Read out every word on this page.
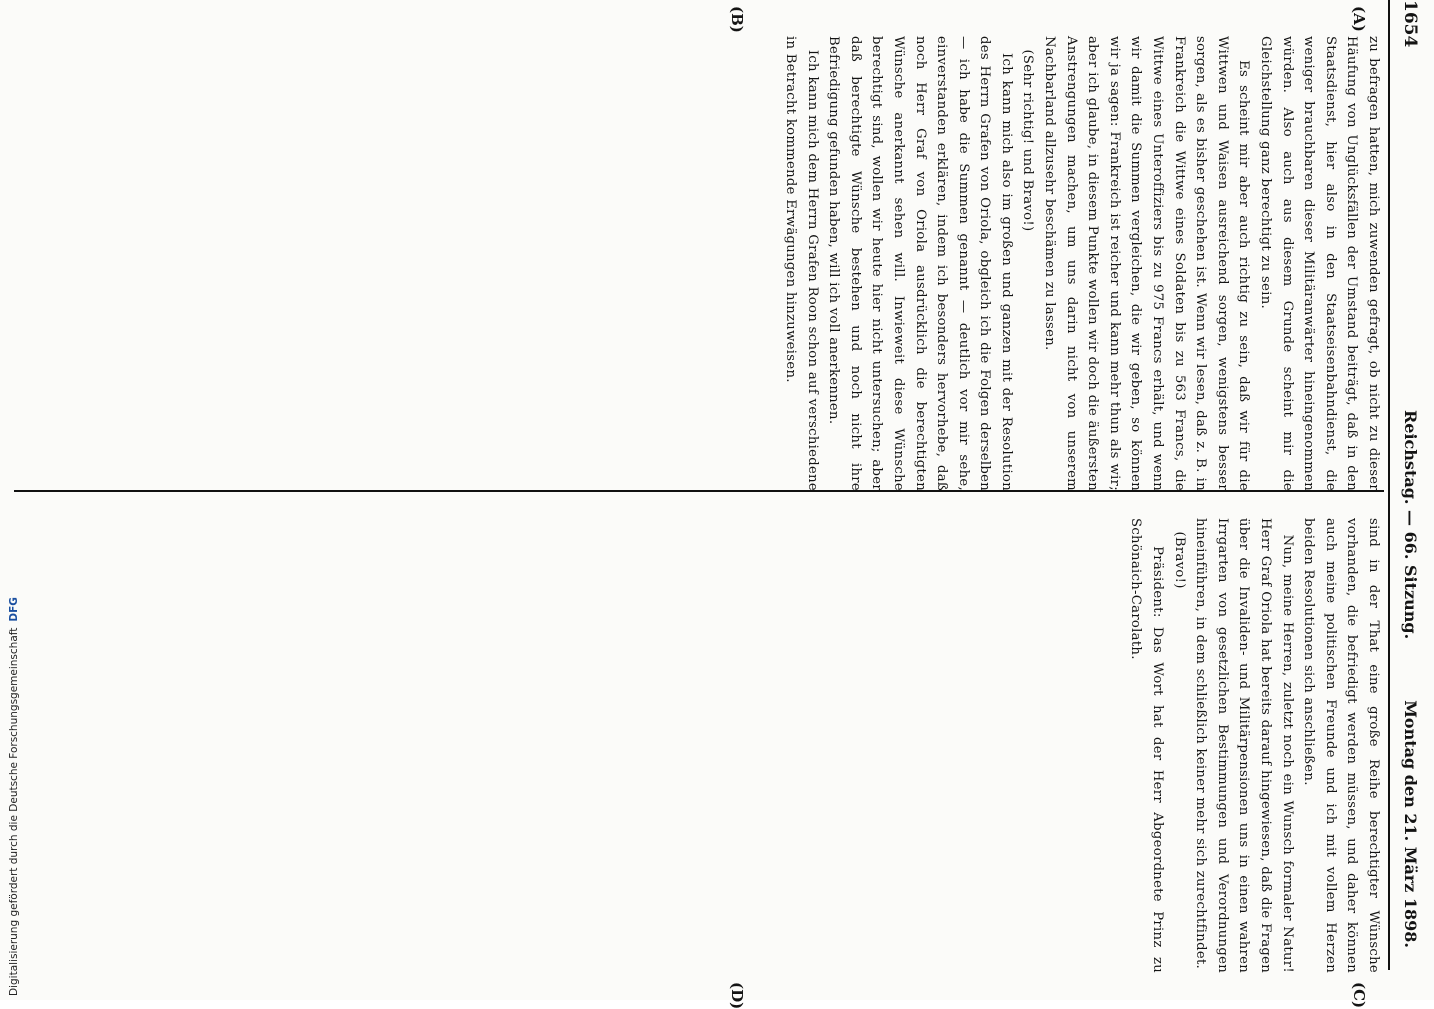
1654
Reichstag. — 66. Sitzung.
Montag den 21. März 1898.
(A)
(B)
(C)
(D)
zu befragen hatten, mich zuwenden gefragt, ob nicht zu dieser Häufung von Unglücksfällen der Umstand beiträgt, daß in den Staatsdienst, hier also in den Staatseisenbahndienst, die weniger brauchbaren dieser Militäranwärter hineingenommen würden. Also auch aus diesem Grunde scheint mir die Gleichstellung ganz berechtigt zu sein.
Es scheint mir aber auch richtig zu sein, daß wir für die Wittwen und Waisen ausreichend sorgen, wenigstens besser sorgen, als es bisher geschehen ist. Wenn wir lesen, daß z. B. in Frankreich die Wittwe eines Soldaten bis zu 563 Francs, die Wittwe eines Unteroffiziers bis zu 975 Francs erhält, und wenn wir damit die Summen vergleichen, die wir geben, so können wir ja sagen: Frankreich ist reicher und kann mehr thun als wir; aber ich glaube, in diesem Punkte wollen wir doch die äußersten Anstrengungen machen, um uns darin nicht von unserem Nachbarland allzusehr beschämen zu lassen.
(Sehr richtig! und Bravo!)
Ich kann mich also im großen und ganzen mit der Resolution des Herrn Grafen von Oriola, obgleich ich die Folgen derselben — ich habe die Summen genannt — deutlich vor mir sehe, einverstanden erklären, indem ich besonders hervorhebe, daß noch Herr Graf von Oriola ausdrücklich die berechtigten Wünsche anerkannt sehen will. Inwieweit diese Wünsche berechtigt sind, wollen wir heute hier nicht untersuchen; aber daß berechtigte Wünsche bestehen und noch nicht ihre Befriedigung gefunden haben, will ich voll anerkennen.
Ich kann mich dem Herrn Grafen Roon schon auf verschiedene in Betracht kommende Erwägungen hinzuweisen.
sind in der That eine große Reihe berechtigter Wünsche vorhanden, die befriedigt werden müssen, und daher können auch meine politischen Freunde und ich mit vollem Herzen beiden Resolutionen sich anschließen.
Nun, meine Herren, zuletzt noch ein Wunsch formaler Natur! Herr Graf Oriola hat bereits darauf hingewiesen, daß die Fragen über die Invaliden- und Militärpensionen uns in einen wahren Irrgarten von gesetzlichen Bestimmungen und Verordnungen hineinführen, in dem schließlich keiner mehr sich zurechtfindet.
(Bravo!)
Präsident: Das Wort hat der Herr Abgeordnete Prinz zu Schönaich-Carolath.
Digitalisierung gefördert durch die Deutsche ForschungsgemeinschaftDFG
